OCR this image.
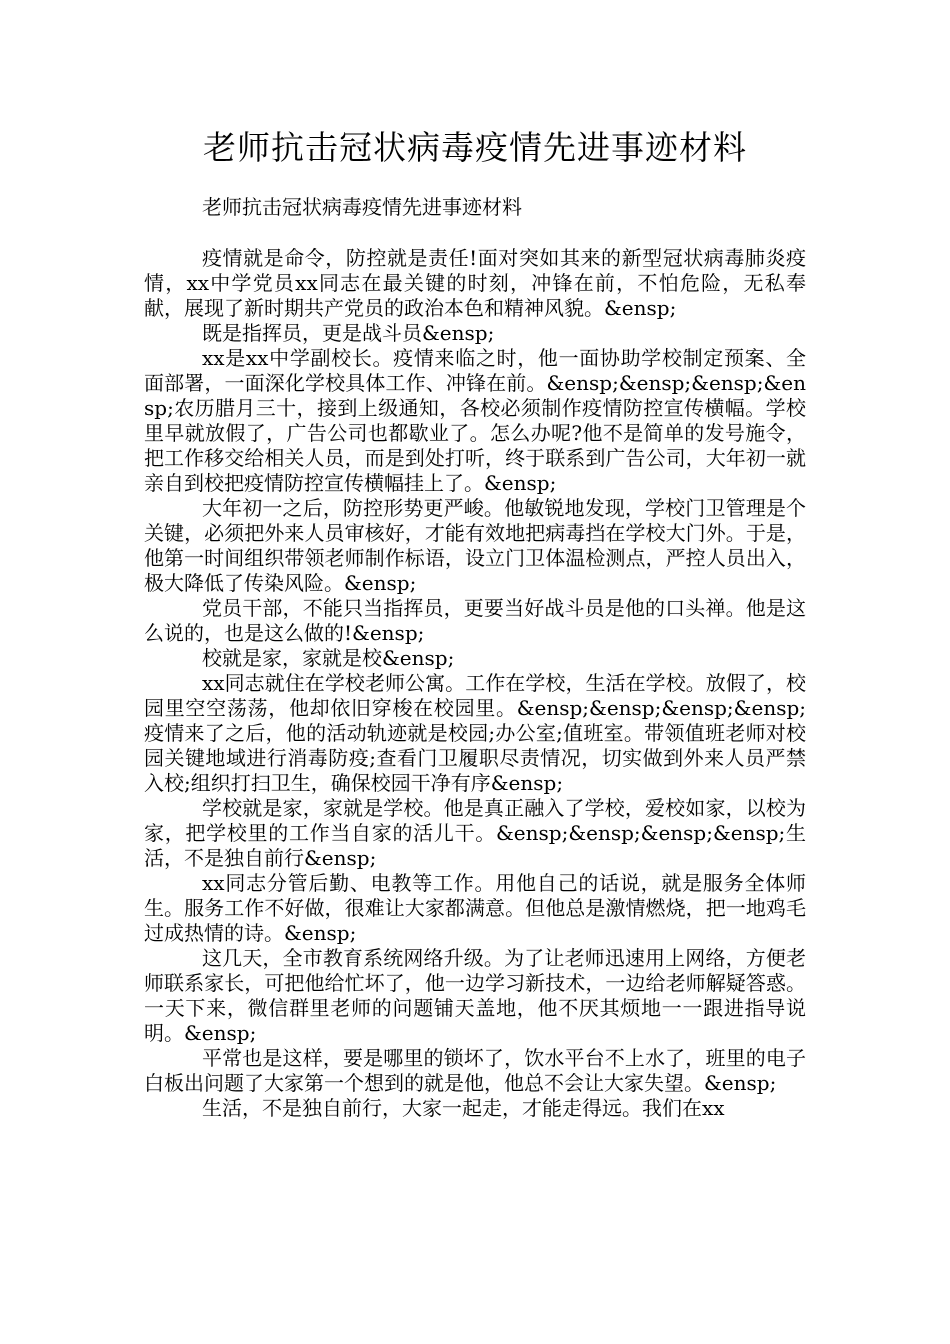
老师抗击冠状病毒疫情先进事迹材料
老师抗击冠状病毒疫情先进事迹材料

疫情就是命令，防控就是责任!面对突如其来的新型冠状病毒肺炎疫情，xx中学党员xx同志在最关键的时刻，冲锋在前，不怕危险，无私奉献，展现了新时期共产党员的政治本色和精神风貌。&ensp;

既是指挥员，更是战斗员&ensp;

xx是xx中学副校长。疫情来临之时，他一面协助学校制定预案、全面部署，一面深化学校具体工作、冲锋在前。&ensp;&ensp;&ensp;&ensp;农历腊月三十，接到上级通知，各校必须制作疫情防控宣传横幅。学校里早就放假了，广告公司也都歇业了。怎么办呢?他不是简单的发号施令，把工作移交给相关人员，而是到处打听，终于联系到广告公司，大年初一就亲自到校把疫情防控宣传横幅挂上了。&ensp;

大年初一之后，防控形势更严峻。他敏锐地发现，学校门卫管理是个关键，必须把外来人员审核好，才能有效地把病毒挡在学校大门外。于是，他第一时间组织带领老师制作标语，设立门卫体温检测点，严控人员出入，极大降低了传染风险。&ensp;

党员干部，不能只当指挥员，更要当好战斗员是他的口头禅。他是这么说的，也是这么做的!&ensp;

校就是家，家就是校&ensp;

xx同志就住在学校老师公寓。工作在学校，生活在学校。放假了，校园里空空荡荡，他却依旧穿梭在校园里。&ensp;&ensp;&ensp;&ensp;疫情来了之后，他的活动轨迹就是校园;办公室;值班室。带领值班老师对校园关键地域进行消毒防疫;查看门卫履职尽责情况，切实做到外来人员严禁入校;组织打扫卫生，确保校园干净有序&ensp;

学校就是家，家就是学校。他是真正融入了学校，爱校如家，以校为家，把学校里的工作当自家的活儿干。&ensp;&ensp;&ensp;&ensp;生活，不是独自前行&ensp;

xx同志分管后勤、电教等工作。用他自己的话说，就是服务全体师生。服务工作不好做，很难让大家都满意。但他总是激情燃烧，把一地鸡毛过成热情的诗。&ensp;

这几天，全市教育系统网络升级。为了让老师迅速用上网络，方便老师联系家长，可把他给忙坏了，他一边学习新技术，一边给老师解疑答惑。一天下来，微信群里老师的问题铺天盖地，他不厌其烦地一一跟进指导说明。&ensp;

平常也是这样，要是哪里的锁坏了，饮水平台不上水了，班里的电子白板出问题了大家第一个想到的就是他，他总不会让大家失望。&ensp;

生活，不是独自前行，大家一起走，才能走得远。我们在xx
